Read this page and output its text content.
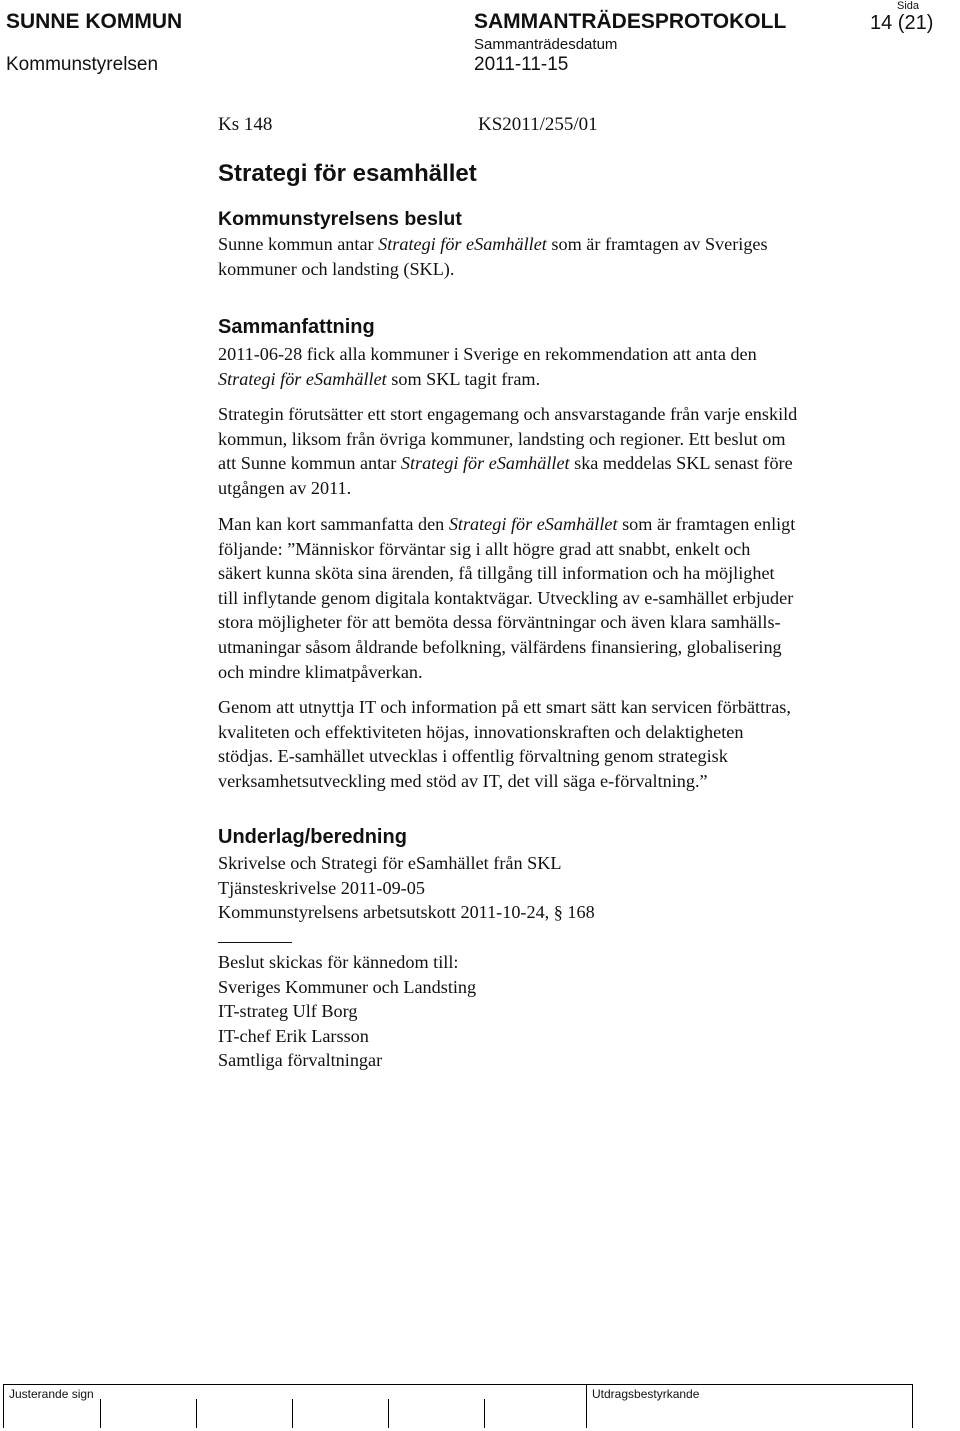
SUNNE KOMMUN
Kommunstyrelsen
SAMMANTRÄDESPROTOKOLL
Sammanträdesdatum
2011-11-15
Sida
14 (21)
Ks 148	KS2011/255/01
Strategi för esamhället
Kommunstyrelsens beslut
Sunne kommun antar Strategi för eSamhället som är framtagen av Sveriges
kommuner och landsting (SKL).
Sammanfattning
2011-06-28 fick alla kommuner i Sverige en rekommendation att anta den
Strategi för eSamhället som SKL tagit fram.
Strategin förutsätter ett stort engagemang och ansvarstagande från varje enskild
kommun, liksom från övriga kommuner, landsting och regioner. Ett beslut om
att Sunne kommun antar Strategi för eSamhället ska meddelas SKL senast före
utgången av 2011.
Man kan kort sammanfatta den Strategi för eSamhället som är framtagen enligt
följande: ”Människor förväntar sig i allt högre grad att snabbt, enkelt och
säkert kunna sköta sina ärenden, få tillgång till information och ha möjlighet
till inflytande genom digitala kontaktvägar. Utveckling av e-samhället erbjuder
stora möjligheter för att bemöta dessa förväntningar och även klara samhälls-
utmaningar såsom åldrande befolkning, välfärdens finansiering, globalisering
och mindre klimatpåverkan.
Genom att utnyttja IT och information på ett smart sätt kan servicen förbättras,
kvaliteten och effektiviteten höjas, innovationskraften och delaktigheten
stödjas. E-samhället utvecklas i offentlig förvaltning genom strategisk
verksamhetsutveckling med stöd av IT, det vill säga e-förvaltning.”
Underlag/beredning
Skrivelse och Strategi för eSamhället från SKL
Tjänsteskrivelse 2011-09-05
Kommunstyrelsens arbetsutskott 2011-10-24, § 168
Beslut skickas för kännedom till:
Sveriges Kommuner och Landsting
IT-strateg Ulf Borg
IT-chef Erik Larsson
Samtliga förvaltningar
Justerande sign	Utdragsbestyrkande
